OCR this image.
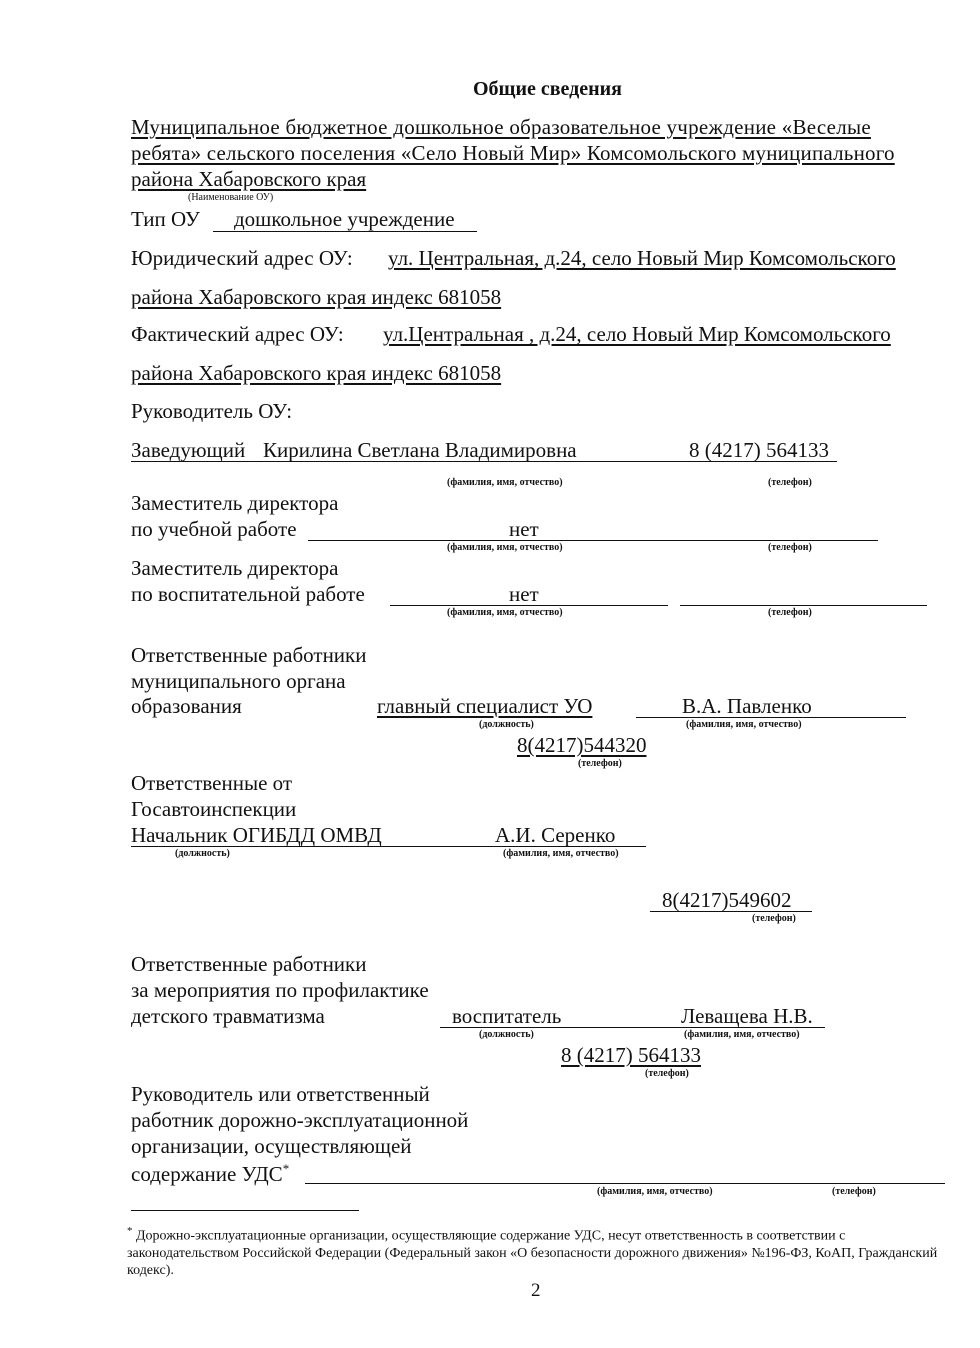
Общие сведения
Муниципальное бюджетное дошкольное образовательное учреждение «Веселые
ребята» сельского поселения «Село Новый Мир» Комсомольского муниципального
района Хабаровского края
(Наименование ОУ)
Тип ОУ дошкольное учреждение
Юридический адрес ОУ: ул. Центральная, д.24, село Новый Мир Комсомольского
района Хабаровского края индекс 681058
Фактический адрес ОУ: ул.Центральная , д.24, село Новый Мир Комсомольского
района Хабаровского края индекс 681058
Руководитель ОУ:
Заведующий Кирилина Светлана Владимировна	8 (4217) 564133
(фамилия, имя, отчество)	(телефон)
Заместитель директора
по учебной работе	нет
(фамилия, имя, отчество)	(телефон)
Заместитель директора
по воспитательной работе	нет
(фамилия, имя, отчество)	(телефон)
Ответственные работники
муниципального органа
образования	главный специалист УО	В.А. Павленко
(должность)	(фамилия, имя, отчество)
8(4217)544320
(телефон)
Ответственные от
Госавтоинспекции
Начальник ОГИБДД ОМВД	А.И. Серенко
(должность)	(фамилия, имя, отчество)
8(4217)549602
(телефон)
Ответственные работники
за мероприятия по профилактике
детского травматизма	воспитатель	Леващева Н.В.
(должность)	(фамилия, имя, отчество)
8 (4217) 564133
(телефон)
Руководитель или ответственный
работник дорожно-эксплуатационной
организации, осуществляющей
содержание УДС*
(фамилия, имя, отчество)	(телефон)
* Дорожно-эксплуатационные организации, осуществляющие содержание УДС, несут ответственность в соответствии с законодательством Российской Федерации (Федеральный закон «О безопасности дорожного движения» №196-ФЗ, КоАП, Гражданский кодекс).
2
